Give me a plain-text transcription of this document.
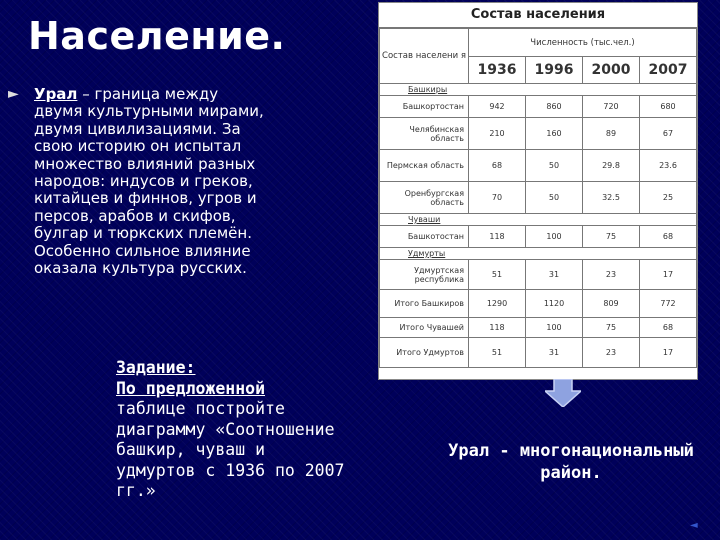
Население.
► Урал – граница между двумя культурными мирами, двумя цивилизациями. За свою историю он испытал множество влияний разных народов: индусов и греков, китайцев и финнов, угров и персов, арабов и скифов, булгар и тюркских племён. Особенно сильное влияние оказала культура русских.
Задание:
По предложенной
таблице постройте диаграмму «Соотношение башкир, чуваш и удмуртов с 1936 по 2007 гг.»
Состав населения
Состав населени я	Численность (тыс.чел.)			
	1936	1996	2000	2007
Башкиры				
Башкортостан	942	860	720	680
Челябинская область	210	160	89	67
Пермская область	68	50	29.8	23.6
Оренбургская область	70	50	32.5	25
Чуваши				
Башкотостан	118	100	75	68
Удмурты				
Удмуртская республика	51	31	23	17
Итого Башкиров	1290	1120	809	772
Итого Чувашей	118	100	75	68
Итого Удмуртов	51	31	23	17
Урал - многонациональный район.
◄
